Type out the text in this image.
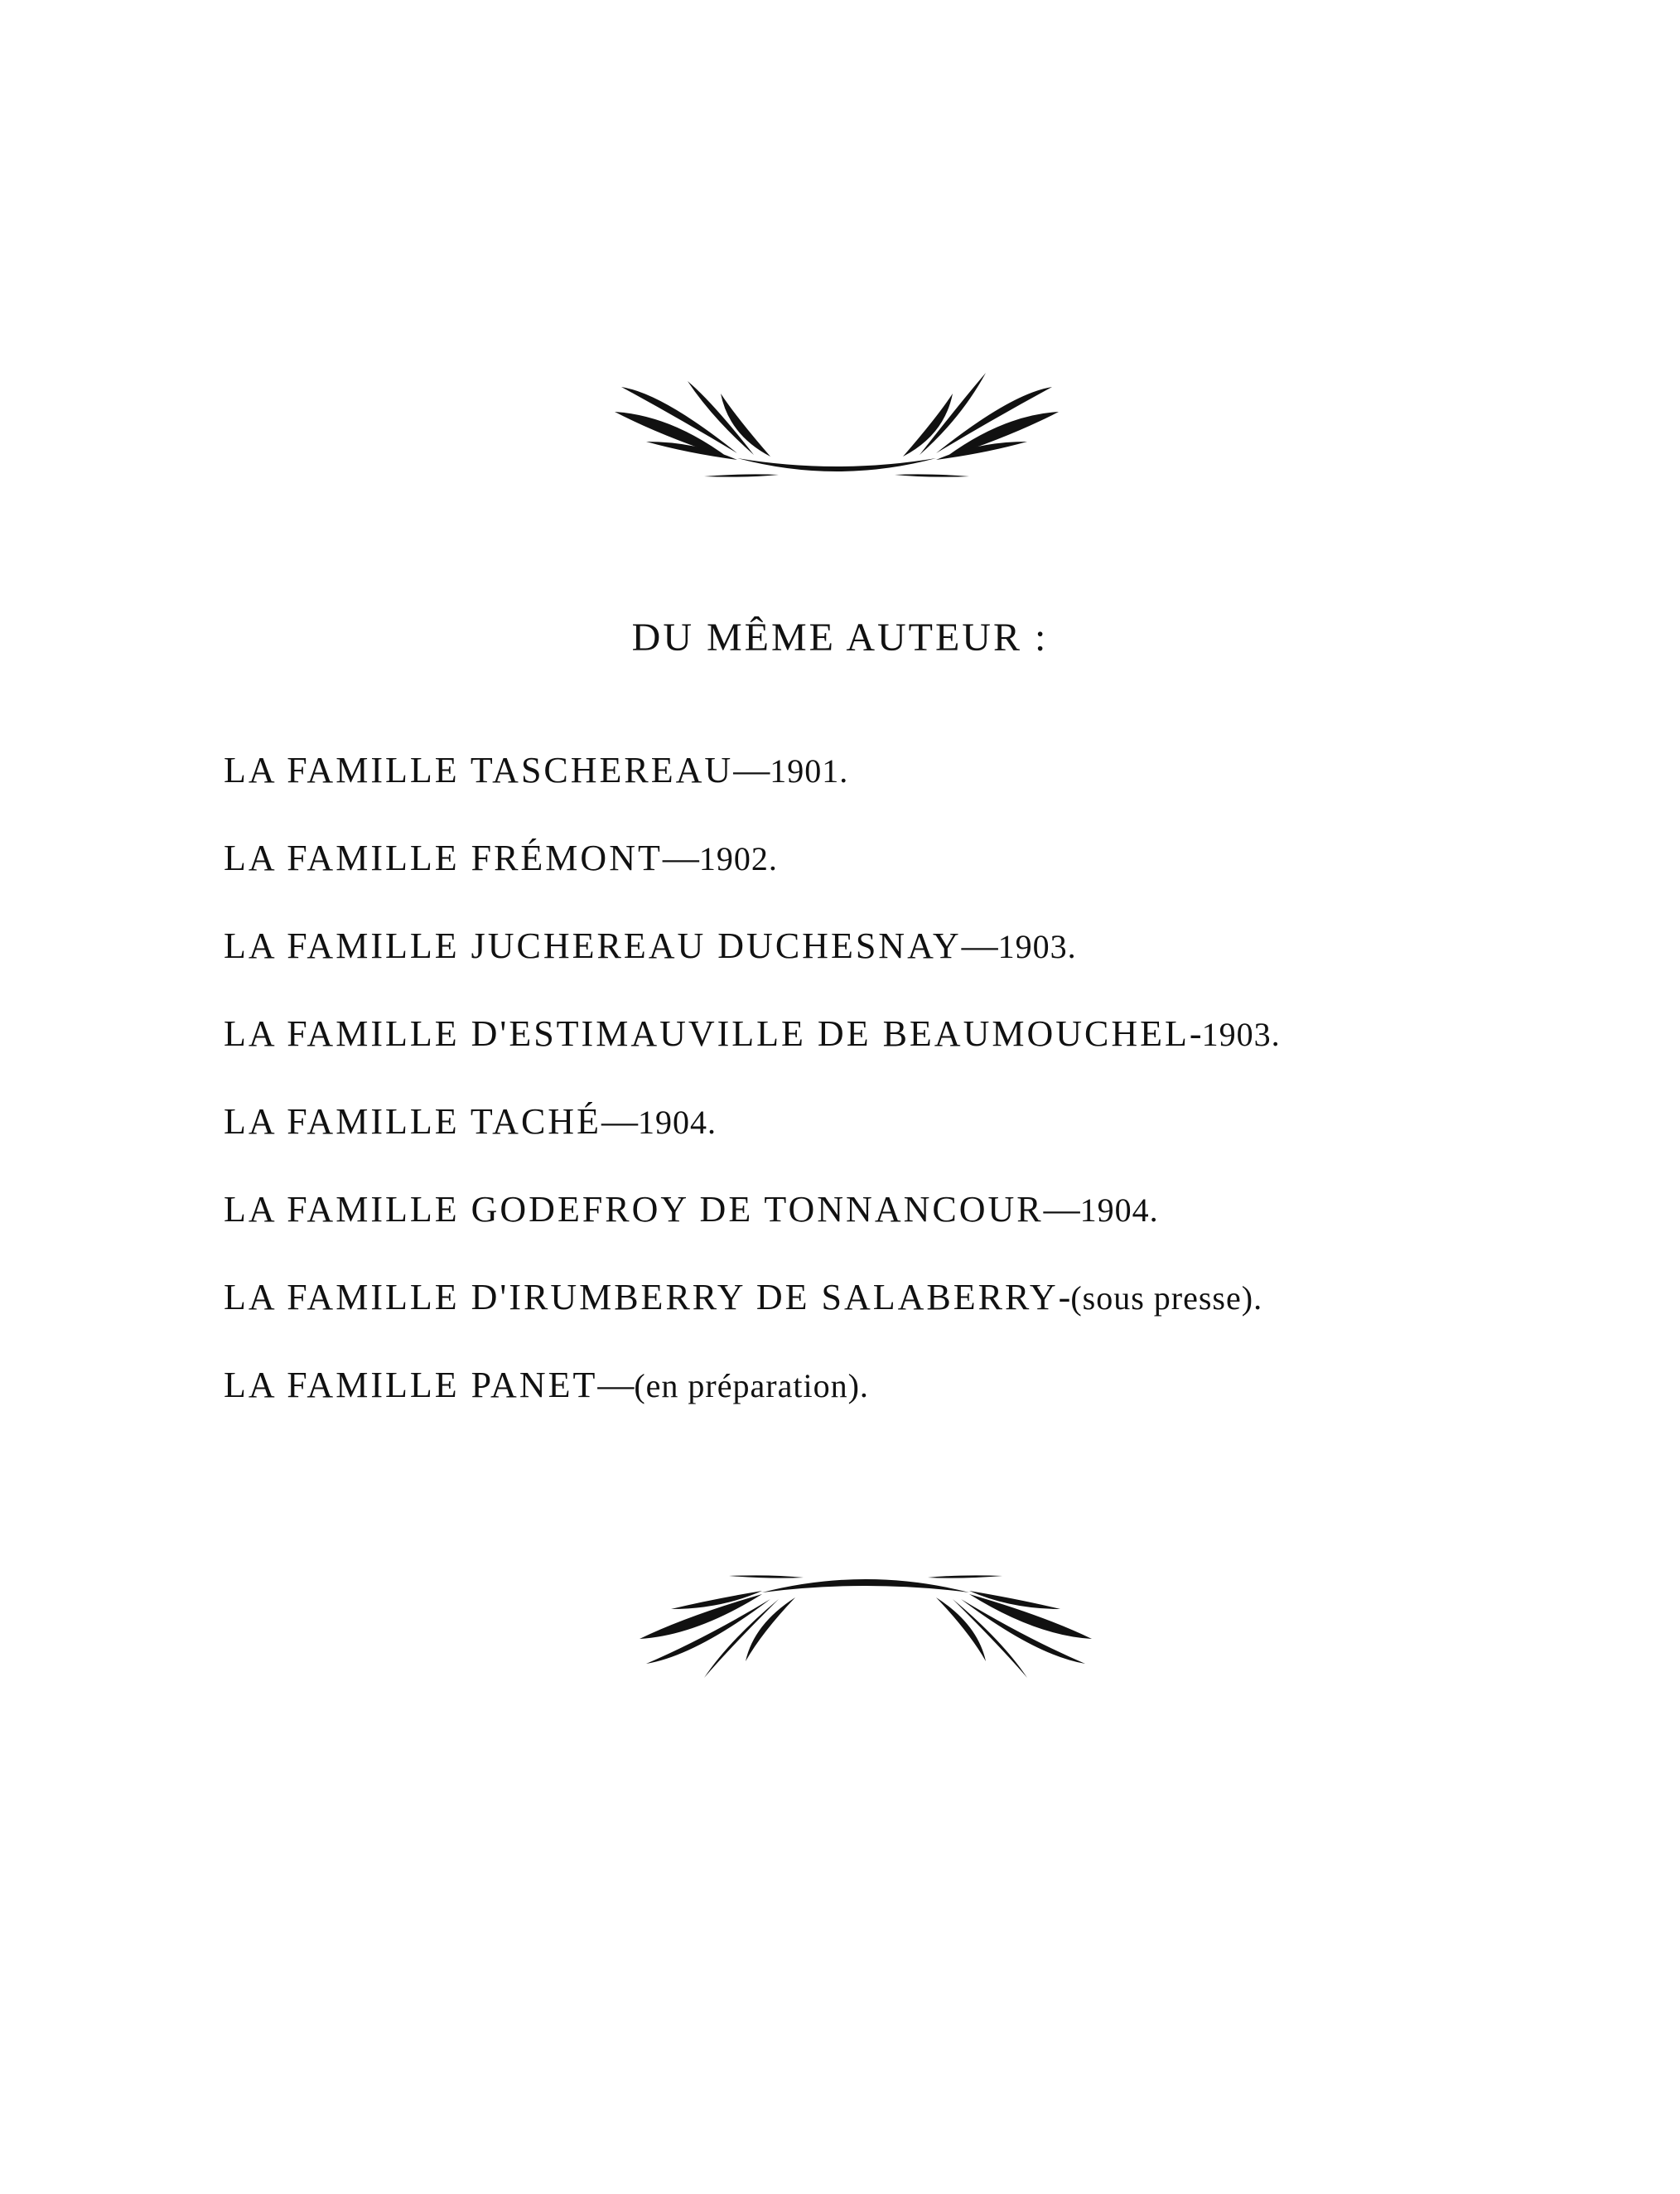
DU MÊME AUTEUR :
LA FAMILLE TASCHEREAU—1901.
LA FAMILLE FRÉMONT—1902.
LA FAMILLE JUCHEREAU DUCHESNAY—1903.
LA FAMILLE D'ESTIMAUVILLE DE BEAUMOUCHEL-1903.
LA FAMILLE TACHÉ—1904.
LA FAMILLE GODEFROY DE TONNANCOUR—1904.
LA FAMILLE D'IRUMBERRY DE SALABERRY-(sous presse).
LA FAMILLE PANET—(en préparation).
